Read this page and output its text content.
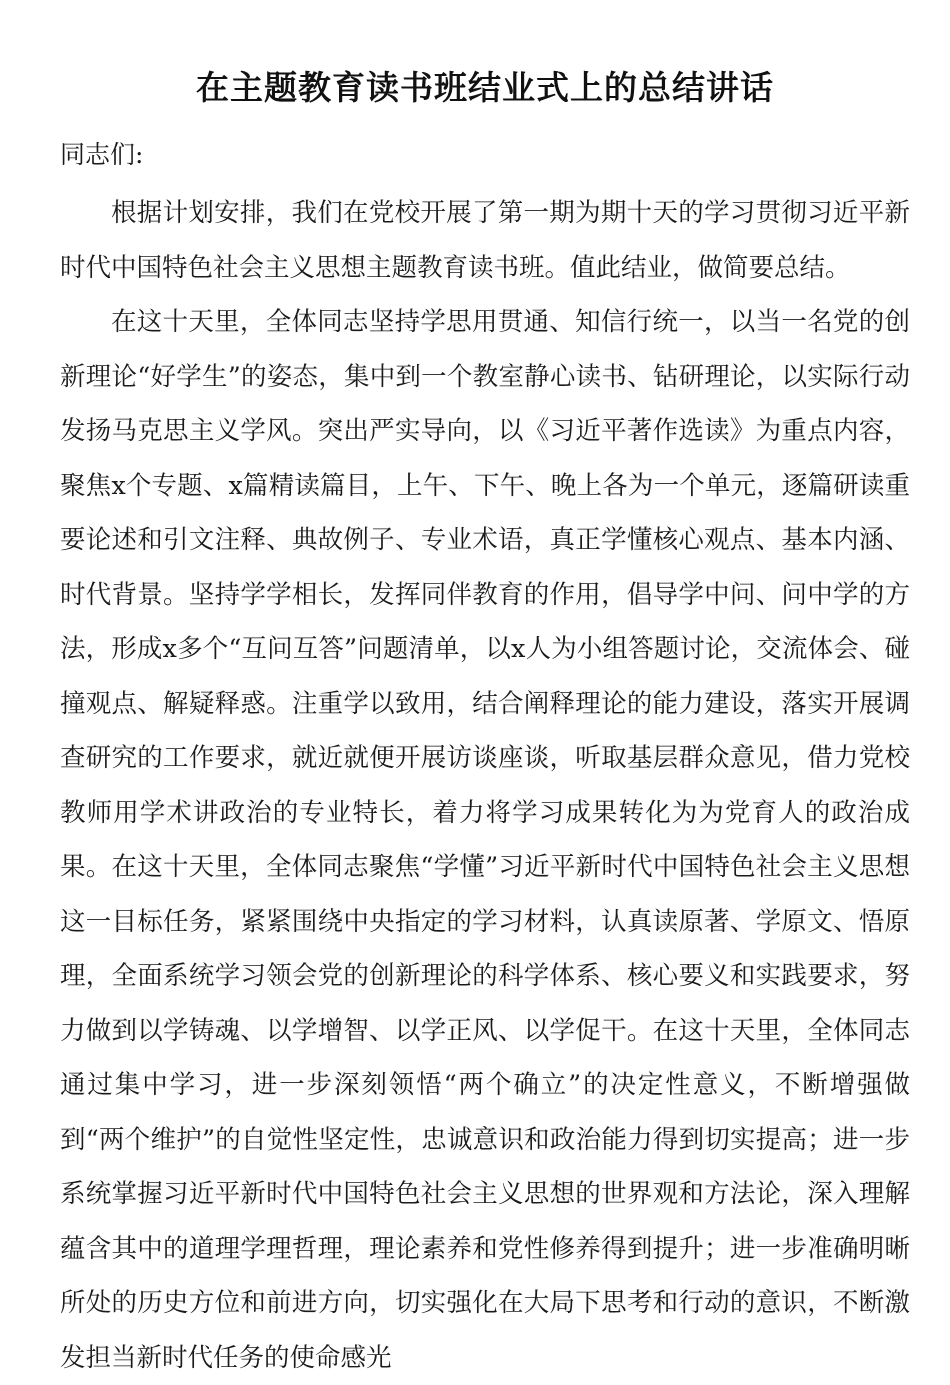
在主题教育读书班结业式上的总结讲话

同志们:

根据计划安排，我们在党校开展了第一期为期十天的学习贯彻习近平新时代中国特色社会主义思想主题教育读书班。值此结业，做简要总结。

在这十天里，全体同志坚持学思用贯通、知信行统一，以当一名党的创新理论“好学生”的姿态，集中到一个教室静心读书、钻研理论，以实际行动发扬马克思主义学风。突出严实导向，以《习近平著作选读》为重点内容，聚焦x个专题、x篇精读篇目，上午、下午、晚上各为一个单元，逐篇研读重要论述和引文注释、典故例子、专业术语，真正学懂核心观点、基本内涵、时代背景。坚持学学相长，发挥同伴教育的作用，倡导学中问、问中学的方法，形成x多个“互问互答”问题清单，以x人为小组答题讨论，交流体会、碰撞观点、解疑释惑。注重学以致用，结合阐释理论的能力建设，落实开展调查研究的工作要求，就近就便开展访谈座谈，听取基层群众意见，借力党校教师用学术讲政治的专业特长，着力将学习成果转化为为党育人的政治成果。在这十天里，全体同志聚焦“学懂”习近平新时代中国特色社会主义思想这一目标任务，紧紧围绕中央指定的学习材料，认真读原著、学原文、悟原理，全面系统学习领会党的创新理论的科学体系、核心要义和实践要求，努力做到以学铸魂、以学增智、以学正风、以学促干。在这十天里，全体同志通过集中学习，进一步深刻领悟“两个确立”的决定性意义，不断增强做到“两个维护”的自觉性坚定性，忠诚意识和政治能力得到切实提高；进一步系统掌握习近平新时代中国特色社会主义思想的世界观和方法论，深入理解蕴含其中的道理学理哲理，理论素养和党性修养得到提升；进一步准确明晰所处的历史方位和前进方向，切实强化在大局下思考和行动的意识，不断激发担当新时代任务的使命感光
